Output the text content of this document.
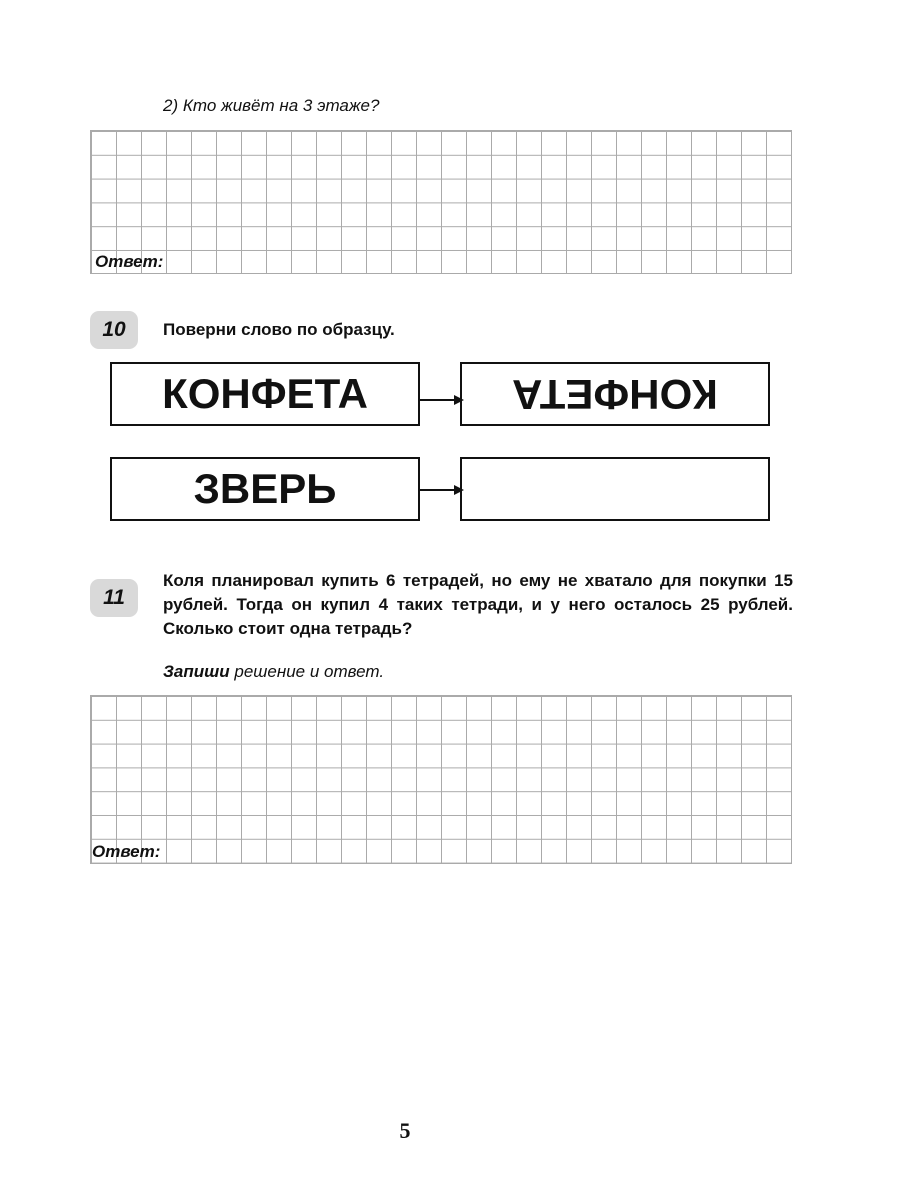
2) Кто живёт на 3 этаже?
Ответ:
10	Поверни слово по образцу.
КОНФЕТА	КОНФЕТА
ЗВЕРЬ
11
Коля планировал купить 6 тетрадей, но ему не хватало для покупки 15 рублей. Тогда он купил 4 таких тетради, и у него осталось 25 рублей. Сколько стоит одна тетрадь?
Запиши решение и ответ.
Ответ:
5
